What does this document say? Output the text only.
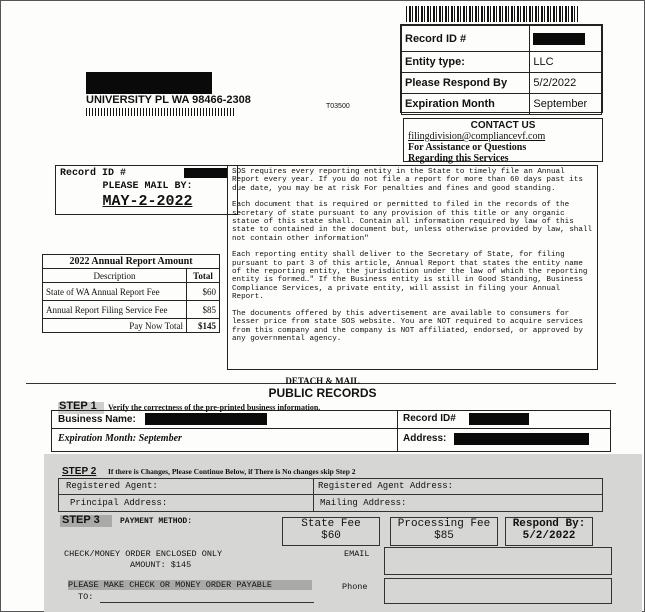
Record ID #	

Entity type:	LLC
Please Respond By	5/2/2022
Expiration Month	September
UNIVERSITY PL WA 98466-2308
T03500
CONTACT US
filingdivision@compliancevf.com
For Assistance or Questions
Regarding this Services
Record ID #
PLEASE MAIL BY:
MAY-2-2022
2022 Annual Report Amount	
Description	Total
State of WA Annual Report Fee	$60
Annual Report Filing Service Fee	$85
Pay Now Total	$145
SOS requires every reporting entity in the State to timely file an Annual Report every year. If you do not file a report for more than 60 days past its due date, you may be at risk For penalties and fines and good standing.
Each document that is required or permitted to filed in the records of the secretary of state pursuant to any provision of this title or any organic statue of this state shall. Contain all information required by law of this state to contained in the document but, unless otherwise provided by law, shall not contain other information"
Each reporting entity shall deliver to the Secretary of State, for filing pursuant to part 3 of this article, Annual Report that states the entity name of the reporting entity, the jurisdiction under the law of which the reporting entity is formed…" If the Business entity is still in Good Standing, Business Compliance Services, a private entity, will assist in filing your Annual Report.
The documents offered by this advertisement are available to consumers for lesser price from state SOS website. You are NOT required to acquire services from this company and the company is NOT affiliated, endorsed, or approved by any governmental agency.
DETACH & MAIL
PUBLIC RECORDS
STEP 1 Verify the correctness of the pre-printed business information.
Business Name:	Record ID#
Expiration Month: September	Address:
STEP 2 If there is Changes, Please Continue Below, if There is No changes skip Step 2
Registered Agent:	Registered Agent Address:
Principal Address:	Mailing Address:
STEP 3	PAYMENT METHOD:	State Fee
$60
Processing Fee
$85
Respond By:
5/2/2022
CHECK/MONEY ORDER ENCLOSED ONLY
AMOUNT: $145
EMAIL
PLEASE MAKE CHECK OR MONEY ORDER PAYABLE
TO:
Phone
